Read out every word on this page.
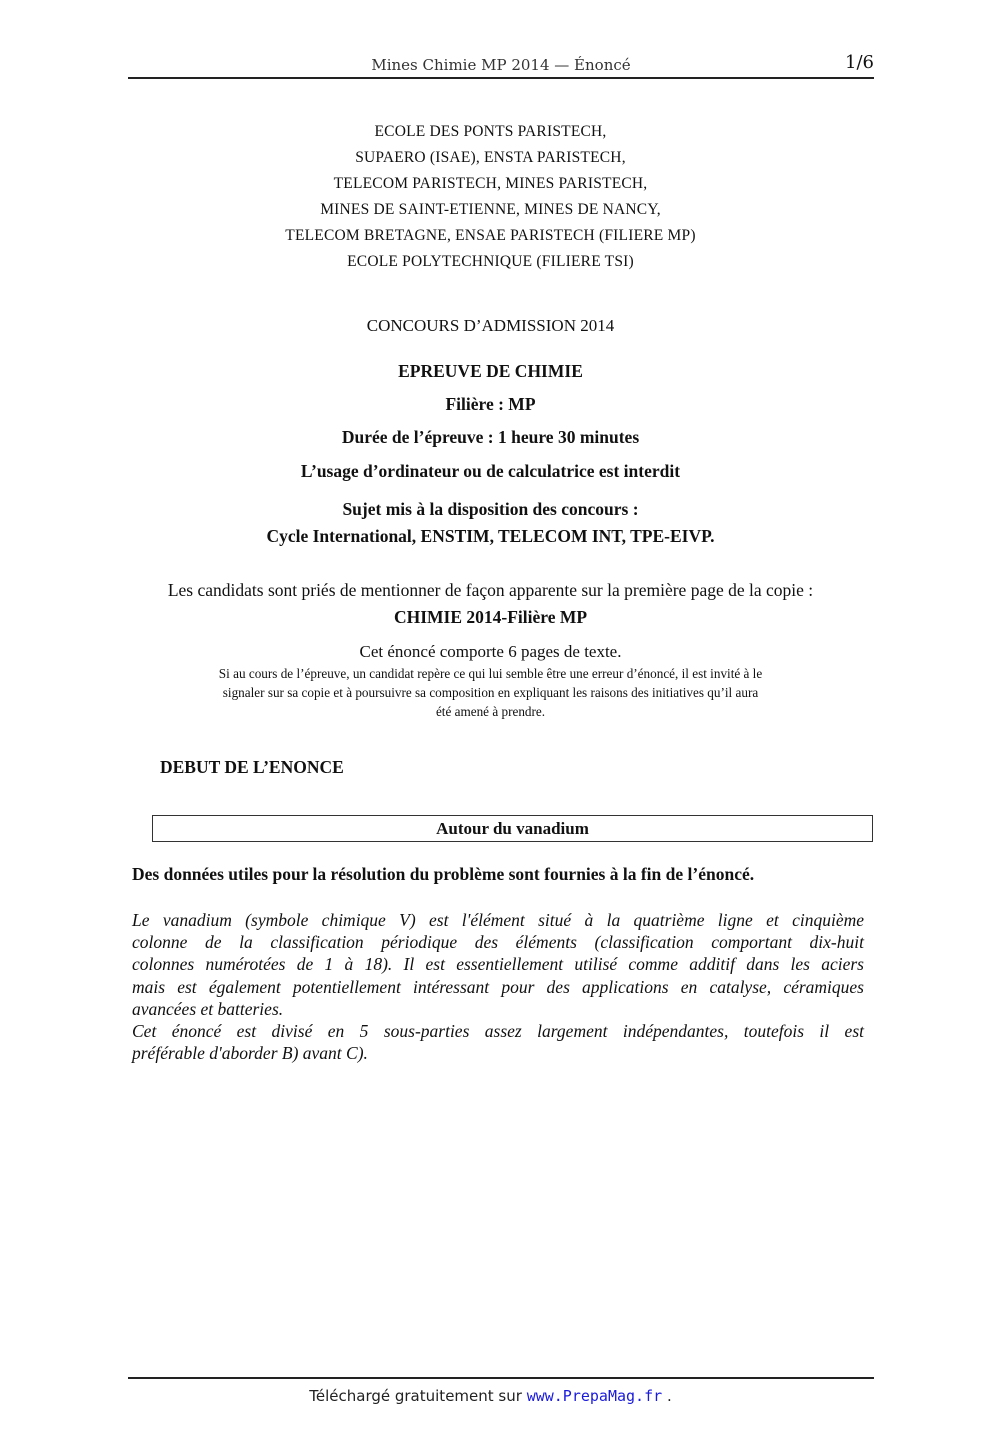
Mines Chimie MP 2014 — Énoncé	1/6
ECOLE DES PONTS PARISTECH,
SUPAERO (ISAE), ENSTA PARISTECH,
TELECOM PARISTECH, MINES PARISTECH,
MINES DE SAINT-ETIENNE, MINES DE NANCY,
TELECOM BRETAGNE, ENSAE PARISTECH (FILIERE MP)
ECOLE POLYTECHNIQUE (FILIERE TSI)
CONCOURS D’ADMISSION 2014
EPREUVE DE CHIMIE
Filière : MP
Durée de l’épreuve : 1 heure 30 minutes
L’usage d’ordinateur ou de calculatrice est interdit
Sujet mis à la disposition des concours :
Cycle International, ENSTIM, TELECOM INT, TPE-EIVP.
Les candidats sont priés de mentionner de façon apparente sur la première page de la copie :
CHIMIE 2014-Filière MP
Cet énoncé comporte 6 pages de texte.
Si au cours de l’épreuve, un candidat repère ce qui lui semble être une erreur d’énoncé, il est invité à le
signaler sur sa copie et à poursuivre sa composition en expliquant les raisons des initiatives qu’il aura
été amené à prendre.
DEBUT DE L’ENONCE
Autour du vanadium
Des données utiles pour la résolution du problème sont fournies à la fin de l’énoncé.
Le vanadium (symbole chimique V) est l'élément situé à la quatrième ligne et cinquième
colonne de la classification périodique des éléments (classification comportant dix-huit
colonnes numérotées de 1 à 18). Il est essentiellement utilisé comme additif dans les aciers
mais est également potentiellement intéressant pour des applications en catalyse, céramiques
avancées et batteries.
Cet énoncé est divisé en 5 sous-parties assez largement indépendantes, toutefois il est
préférable d'aborder B) avant C).
Téléchargé gratuitement sur www.PrepaMag.fr .
